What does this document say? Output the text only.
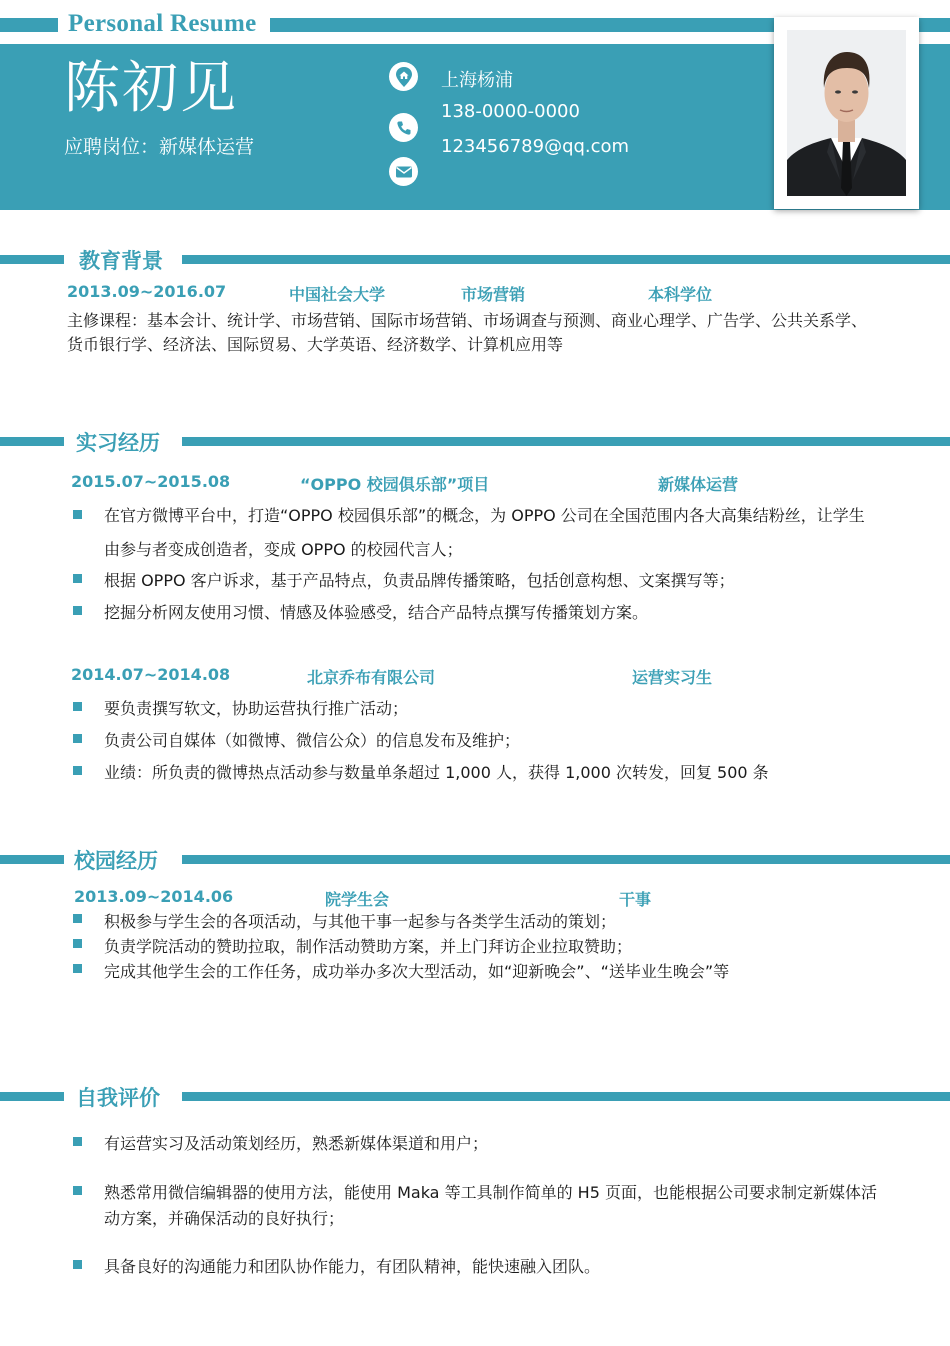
Personal Resume
陈初见
应聘岗位：新媒体运营
上海杨浦
138-0000-0000
123456789@qq.com
教育背景
2013.09~2016.07	中国社会大学	市场营销	本科学位
主修课程：基本会计、统计学、市场营销、国际市场营销、市场调查与预测、商业心理学、广告学、公共关系学、
货币银行学、经济法、国际贸易、大学英语、经济数学、计算机应用等
实习经历
2015.07~2015.08	“OPPO 校园俱乐部”项目	新媒体运营
在官方微博平台中，打造“OPPO 校园俱乐部”的概念，为 OPPO 公司在全国范围内各大高集结粉丝，让学生
由参与者变成创造者，变成 OPPO 的校园代言人；
根据 OPPO 客户诉求，基于产品特点，负责品牌传播策略，包括创意构想、文案撰写等；
挖掘分析网友使用习惯、情感及体验感受，结合产品特点撰写传播策划方案。
2014.07~2014.08	北京乔布有限公司	运营实习生
要负责撰写软文，协助运营执行推广活动；
负责公司自媒体（如微博、微信公众）的信息发布及维护；
业绩：所负责的微博热点活动参与数量单条超过 1,000 人，获得 1,000 次转发，回复 500 条
校园经历
2013.09~2014.06	院学生会	干事
积极参与学生会的各项活动，与其他干事一起参与各类学生活动的策划；
负责学院活动的赞助拉取，制作活动赞助方案，并上门拜访企业拉取赞助；
完成其他学生会的工作任务，成功举办多次大型活动，如“迎新晚会”、“送毕业生晚会”等
自我评价
有运营实习及活动策划经历，熟悉新媒体渠道和用户；
熟悉常用微信编辑器的使用方法，能使用 Maka 等工具制作简单的 H5 页面，也能根据公司要求制定新媒体活
动方案，并确保活动的良好执行；
具备良好的沟通能力和团队协作能力，有团队精神，能快速融入团队。
